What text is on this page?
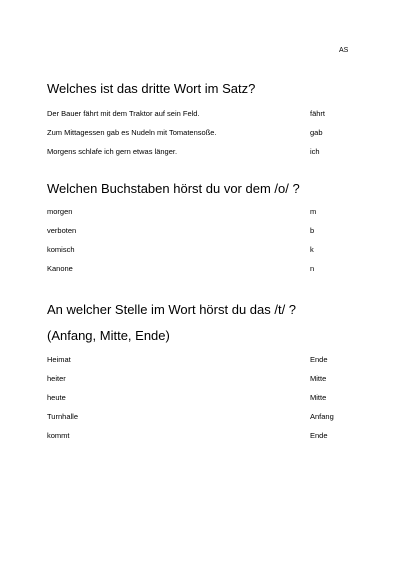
AS
Welches ist das dritte Wort im Satz?
Der Bauer fährt mit dem Traktor auf sein Feld.	fährt
Zum Mittagessen gab es Nudeln mit Tomatensoße.	gab
Morgens schlafe ich gern etwas länger.	ich
Welchen Buchstaben hörst du vor dem /o/ ?
morgen	m
verboten	b
komisch	k
Kanone	n
An welcher Stelle im Wort hörst du das /t/ ?
(Anfang, Mitte, Ende)
Heimat	Ende
heiter	Mitte
heute	Mitte
Turnhalle	Anfang
kommt	Ende
